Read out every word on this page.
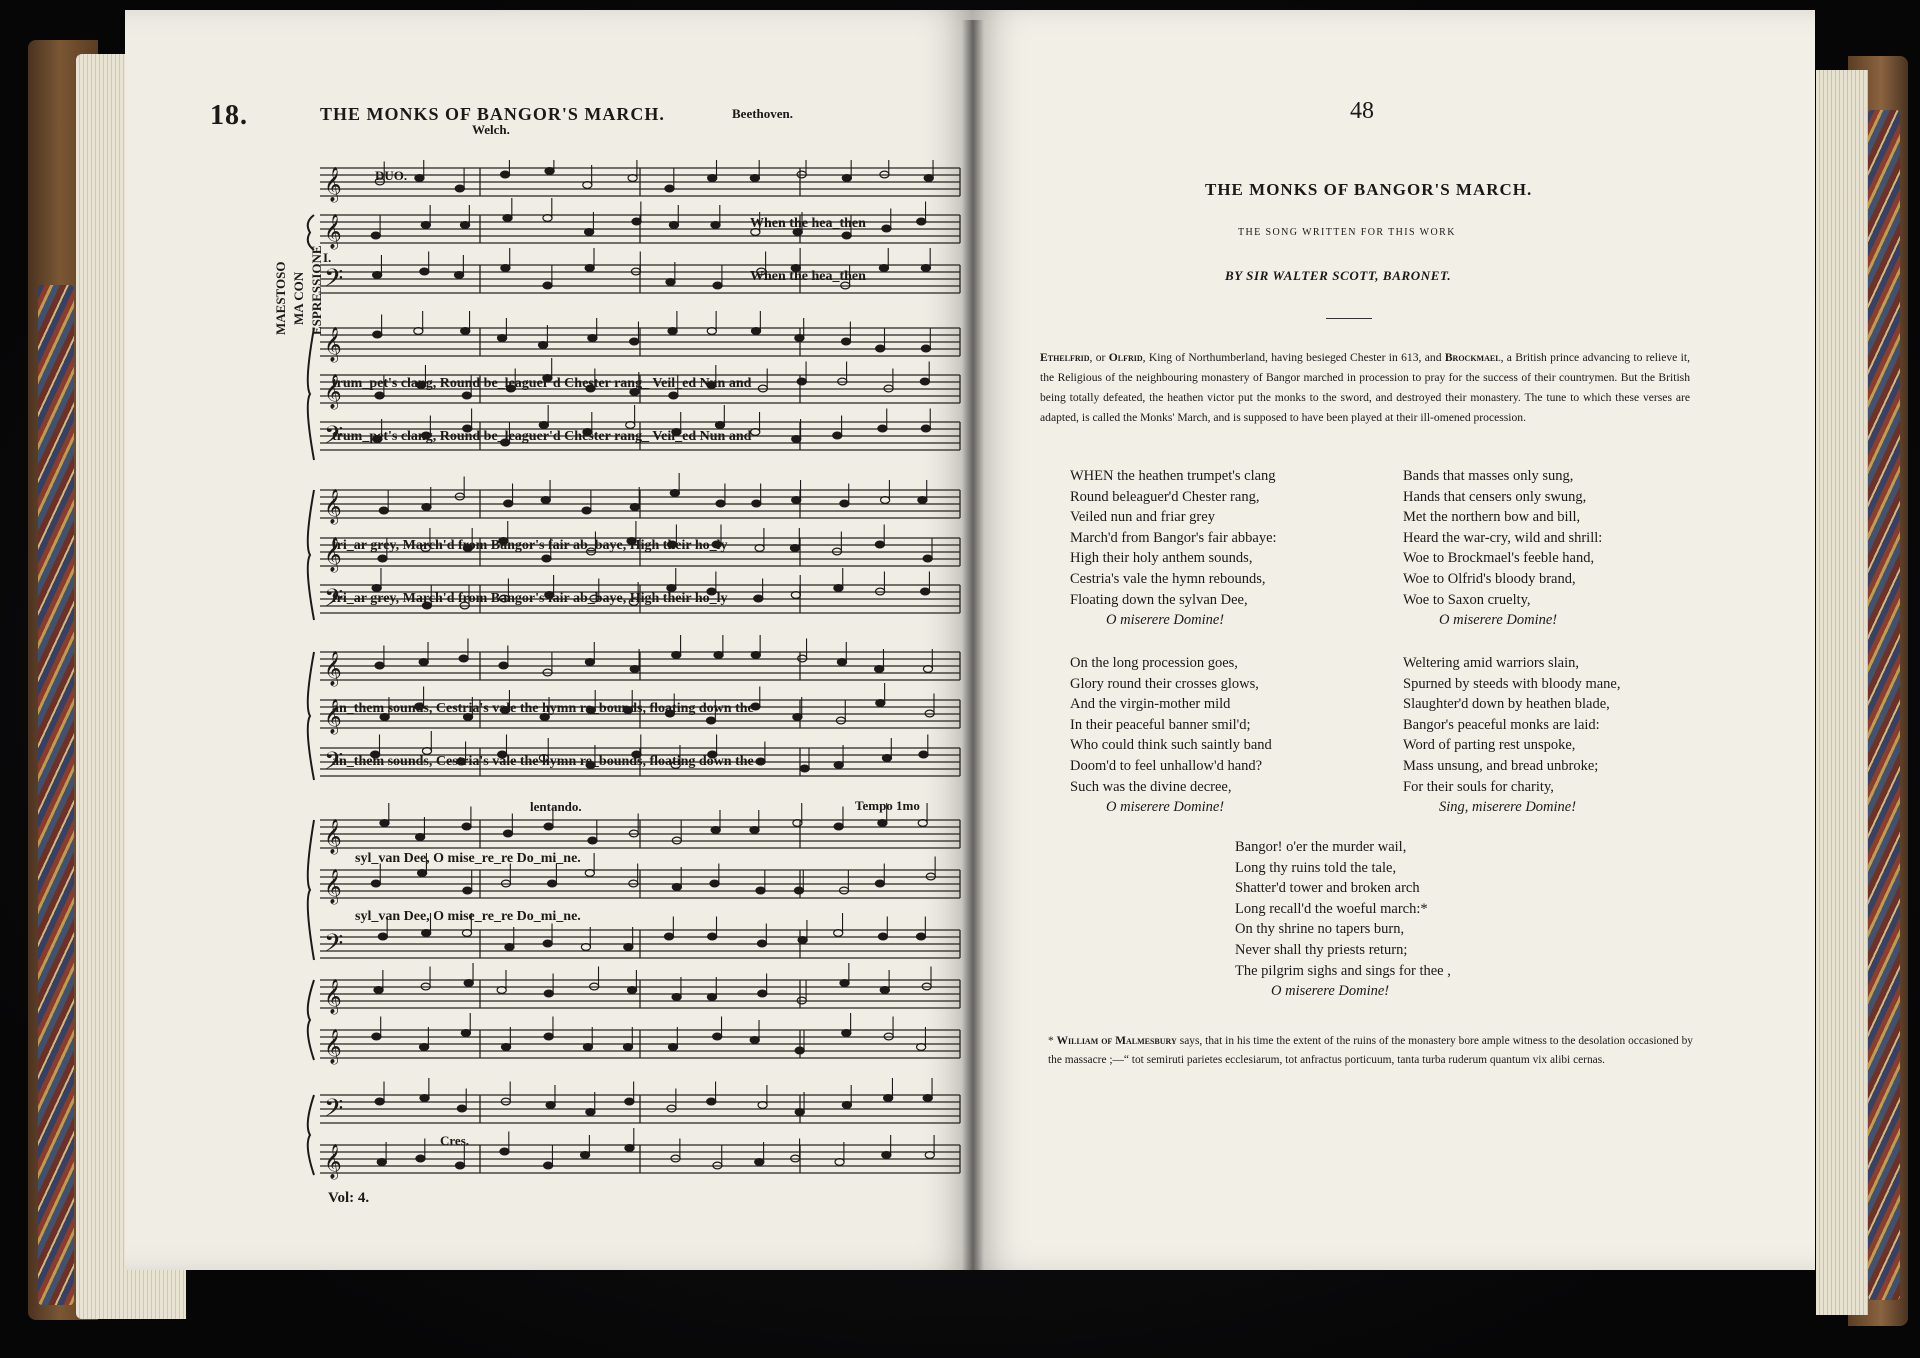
18.	THE MONKS OF BANGOR'S MARCH.	Beethoven.
Welch.
MAESTOSO MA CON ESPRESSIONE
𝄞
𝄞
𝄢
𝄞
𝄞
𝄢
𝄞
𝄞
𝄢
𝄞
𝄞
𝄢
𝄞
𝄞
𝄢
𝄞
𝄞
𝄢
𝄞
DUO.
I.
When the hea_then
When the hea_then
trum_pet's clang, Round be_leaguer'd Chester rang_ Veil_ed Nun and
trum_pet's clang, Round be_leaguer'd Chester rang_ Veil_ed Nun and
fri_ar grey, March'd from Bangor's fair ab_baye, High their ho_ly
fri_ar grey, March'd from Bangor's fair ab_baye, High their ho_ly
an_them sounds, Cestria's vale the hymn re_bounds, floating down the
an_them sounds, Cestria's vale the hymn re_bounds, floating down the
lentando.	Tempo 1mo
syl_van Dee, O mise_re_re Do_mi_ne.
syl_van Dee, O mise_re_re Do_mi_ne.
Cres.
Vol: 4.
48
THE MONKS OF BANGOR'S MARCH.
THE SONG WRITTEN FOR THIS WORK
BY SIR WALTER SCOTT, BARONET.
Ethelfrid, or Olfrid, King of Northumberland, having besieged Chester in 613, and Brockmael, a British prince advancing to relieve it, the Religious of the neighbouring monastery of Bangor marched in procession to pray for the success of their countrymen. But the British being totally defeated, the heathen victor put the monks to the sword, and destroyed their monastery. The tune to which these verses are adapted, is called the Monks' March, and is supposed to have been played at their ill-omened procession.
WHEN the heathen trumpet's clang
Round beleaguer'd Chester rang,
Veiled nun and friar grey
March'd from Bangor's fair abbaye:
High their holy anthem sounds,
Cestria's vale the hymn rebounds,
Floating down the sylvan Dee,
O miserere Domine!
Bands that masses only sung,
Hands that censers only swung,
Met the northern bow and bill,
Heard the war-cry, wild and shrill:
Woe to Brockmael's feeble hand,
Woe to Olfrid's bloody brand,
Woe to Saxon cruelty,
O miserere Domine!
On the long procession goes,
Glory round their crosses glows,
And the virgin-mother mild
In their peaceful banner smil'd;
Who could think such saintly band
Doom'd to feel unhallow'd hand?
Such was the divine decree,
O miserere Domine!
Weltering amid warriors slain,
Spurned by steeds with bloody mane,
Slaughter'd down by heathen blade,
Bangor's peaceful monks are laid:
Word of parting rest unspoke,
Mass unsung, and bread unbroke;
For their souls for charity,
Sing, miserere Domine!
Bangor! o'er the murder wail,
Long thy ruins told the tale,
Shatter'd tower and broken arch
Long recall'd the woeful march:*
On thy shrine no tapers burn,
Never shall thy priests return;
The pilgrim sighs and sings for thee ,
O miserere Domine!
* William of Malmesbury says, that in his time the extent of the ruins of the monastery bore ample witness to the desolation occasioned by the massacre ;—“ tot semiruti parietes ecclesiarum, tot anfractus porticuum, tanta turba ruderum quantum vix alibi cernas.
